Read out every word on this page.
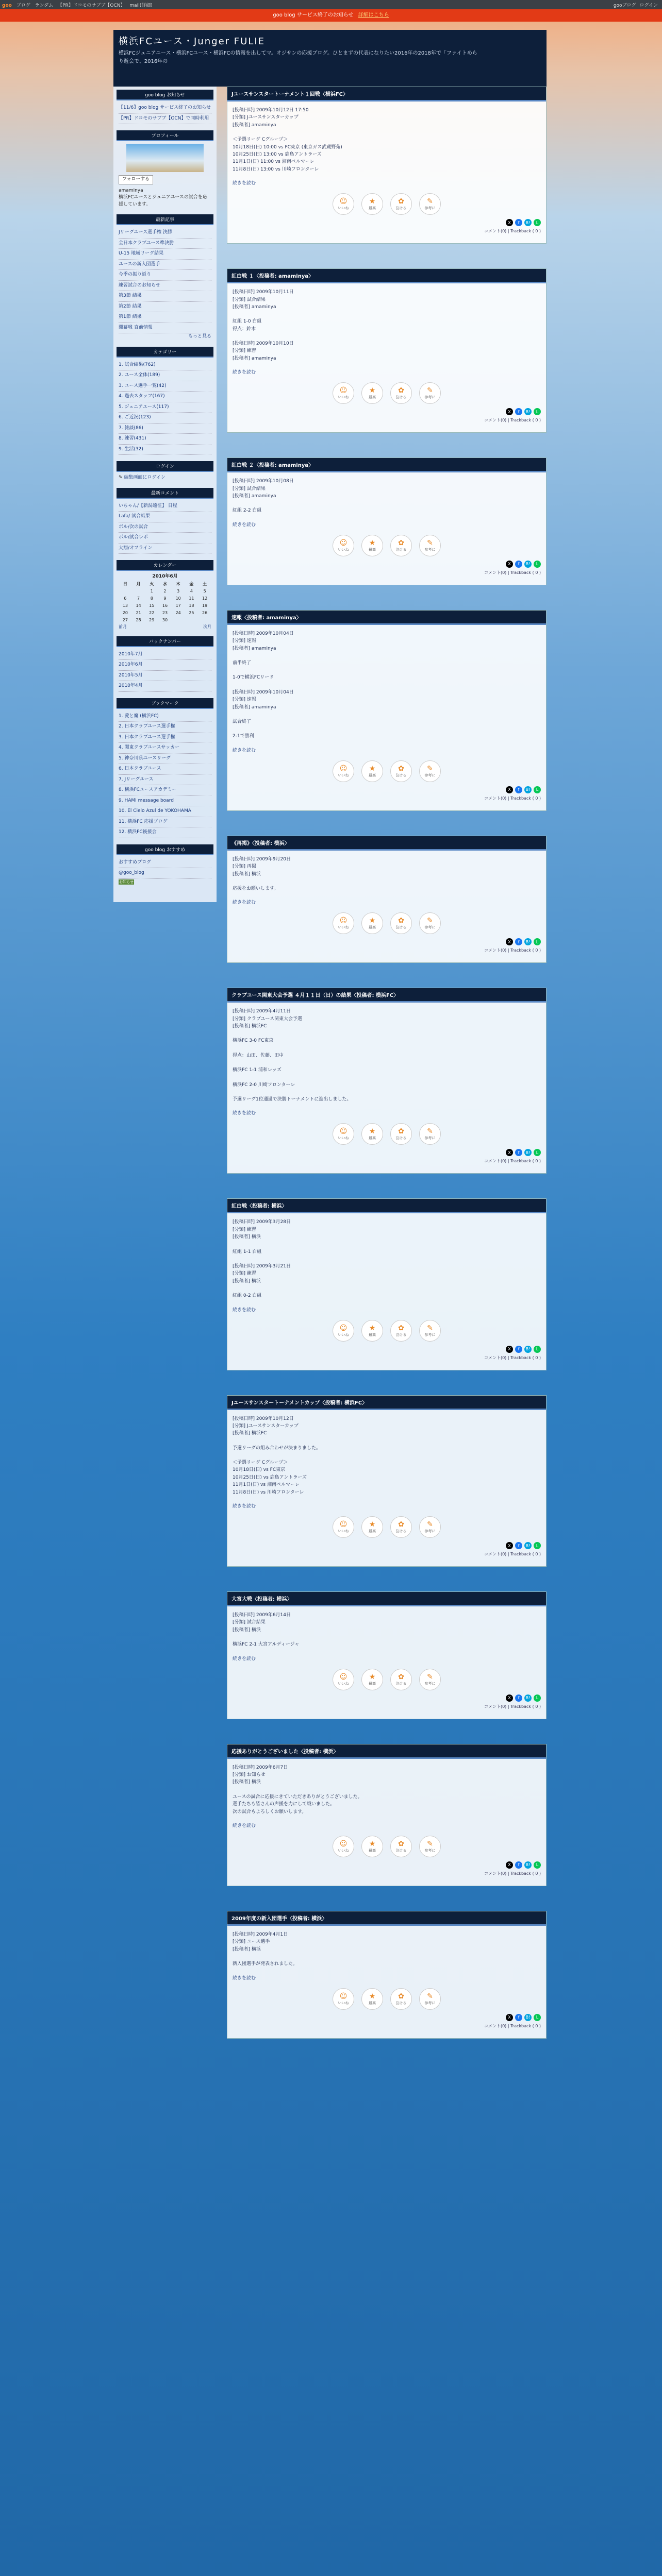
goo ブログ ランダム 【PR】ドコモのサブブ【OCN】 mail(詳細)	gooブログ ログイン
goo blog サービス終了のお知らせ 詳細はこちら
横浜FCユース・Junger FULIE
横浜FCジュニアユース・横浜FCユース・横浜FCの情報を出してマ。オジサンの応援ブログ。ひとまずの代表になりたい2016年の2018年で「ファイトめらり遊会で、2016年の
goo blog お知らせ
【11/6】goo blog サービス終了のお知らせ
【PR】ドコモのサブブ【OCN】で同時利用
プロフィール
フォローする

amaminya
横浜FCユースとジュニアユースの試合を応援しています。

最新記事
Jリーグユース選手権 決勝
全日本クラブユース準決勝
U-15 地域リーグ結果
ユースの新入団選手
今季の振り返り
練習試合のお知らせ
第3節 結果
第2節 結果
第1節 結果
開幕戦 直前情報
もっと見る
カテゴリー
1. 試合結果(762)
2. ユース全体(189)
3. ユース選手一覧(42)
4. 過去スタッフ(167)
5. ジュニアユース(117)
6. ご近況(123)
7. 雑談(86)
8. 練習(431)
9. 生活(32)
ログイン
✎ 編集画面にログイン
最新コメント
いちゃん/【新潟遠征】 日程
Lafa/ 試合結果
ボル/次の試合
ボル/試合レポ
大翔/オフライン
カレンダー
2010年6月
日	月	火	水	木	金	土
		1	2	3	4	5
6	7	8	9	10	11	12
13	14	15	16	17	18	19
20	21	22	23	24	25	26
27	28	29	30			
前月	次月
バックナンバー
2010年7月
2010年6月
2010年5月
2010年4月
ブックマーク
1. 愛と魔 (横浜FC)
2. 日本クラブユース選手権
3. 日本クラブユース選手権
4. 関東クラブユースサッカー
5. 神奈川県ユースリーグ
6. 日本クラブユース
7. Jリーグユース
8. 横浜FCユースアカデミー
9. HAMI message board
10. El Cielo Azul de YOKOHAMA
11. 横浜FC 応援ブログ
12. 横浜FC後援会
goo blog おすすめ
おすすめブログ
@goo_blog
お知らせ
Jユースサンスタートーナメント１回戦〈横浜FC〉

[投稿日時] 2009年10月12日 17:50

[分類] Jユースサンスターカップ

[投稿者] amaminya

＜予選リーグ Cグループ＞

10月18日(日) 10:00 vs FC東京 (東京ガス武蔵野苑)

10月25日(日) 13:00 vs 鹿島アントラーズ

11月1日(日) 11:00 vs 湘南ベルマーレ

11月8日(日) 13:00 vs 川崎フロンターレ

続きを読む
☺
いいね
★
最高
✿
泣ける
✎
参考に
X	f	B!	L
コメント(0) | Trackback ( 0 )
紅白戦 １〈投稿者: amaminya〉

[投稿日時] 2009年10月11日

[分類] 試合結果

[投稿者] amaminya

紅組 1-0 白組

得点：鈴木

[投稿日時] 2009年10月10日

[分類] 練習

[投稿者] amaminya

続きを読む
☺
いいね
★
最高
✿
泣ける
✎
参考に
X	f	B!	L
コメント(0) | Trackback ( 0 )
紅白戦 ２〈投稿者: amaminya〉

[投稿日時] 2009年10月08日

[分類] 試合結果

[投稿者] amaminya

紅組 2-2 白組

続きを読む
☺
いいね
★
最高
✿
泣ける
✎
参考に
X	f	B!	L
コメント(0) | Trackback ( 0 )
速報〈投稿者: amaminya〉

[投稿日時] 2009年10月04日

[分類] 速報

[投稿者] amaminya

前半終了

1-0で横浜FCリード

[投稿日時] 2009年10月04日

[分類] 速報

[投稿者] amaminya

試合終了

2-1で勝利

続きを読む
☺
いいね
★
最高
✿
泣ける
✎
参考に
X	f	B!	L
コメント(0) | Trackback ( 0 )
《再掲》〈投稿者: 横浜〉

[投稿日時] 2009年9月20日

[分類] 再掲

[投稿者] 横浜

応援をお願いします。

続きを読む
☺
いいね
★
最高
✿
泣ける
✎
参考に
X	f	B!	L
コメント(0) | Trackback ( 0 )
クラブユース関東大会予選 ４月１１日（日）の結果〈投稿者: 横浜FC〉

[投稿日時] 2009年4月11日

[分類] クラブユース関東大会予選

[投稿者] 横浜FC

横浜FC 3-0 FC東京

得点：山田、佐藤、田中

横浜FC 1-1 浦和レッズ

横浜FC 2-0 川崎フロンターレ

予選リーグ1位通過で決勝トーナメントに進出しました。

続きを読む
☺
いいね
★
最高
✿
泣ける
✎
参考に
X	f	B!	L
コメント(0) | Trackback ( 0 )
紅白戦〈投稿者: 横浜〉

[投稿日時] 2009年3月28日

[分類] 練習

[投稿者] 横浜

紅組 1-1 白組

[投稿日時] 2009年3月21日

[分類] 練習

[投稿者] 横浜

紅組 0-2 白組

続きを読む
☺
いいね
★
最高
✿
泣ける
✎
参考に
X	f	B!	L
コメント(0) | Trackback ( 0 )
Jユースサンスタートーナメントカップ〈投稿者: 横浜FC〉

[投稿日時] 2009年10月12日

[分類] Jユースサンスターカップ

[投稿者] 横浜FC

予選リーグの組み合わせが決まりました。

＜予選リーグ Cグループ＞

10月18日(日) vs FC東京

10月25日(日) vs 鹿島アントラーズ

11月1日(日) vs 湘南ベルマーレ

11月8日(日) vs 川崎フロンターレ

続きを読む
☺
いいね
★
最高
✿
泣ける
✎
参考に
X	f	B!	L
コメント(0) | Trackback ( 0 )
大宮大戦〈投稿者: 横浜〉

[投稿日時] 2009年6月14日

[分類] 試合結果

[投稿者] 横浜

横浜FC 2-1 大宮アルディージャ

続きを読む
☺
いいね
★
最高
✿
泣ける
✎
参考に
X	f	B!	L
コメント(0) | Trackback ( 0 )
応援ありがとうございました〈投稿者: 横浜〉

[投稿日時] 2009年6月7日

[分類] お知らせ

[投稿者] 横浜

ユースの試合に応援にきていただきありがとうございました。

選手たちも皆さんの声援を力にして戦いました。

次の試合もよろしくお願いします。

続きを読む
☺
いいね
★
最高
✿
泣ける
✎
参考に
X	f	B!	L
コメント(0) | Trackback ( 0 )
2009年度の新入団選手〈投稿者: 横浜〉

[投稿日時] 2009年4月1日

[分類] ユース選手

[投稿者] 横浜

新入団選手が発表されました。

続きを読む
☺
いいね
★
最高
✿
泣ける
✎
参考に
X	f	B!	L
コメント(0) | Trackback ( 0 )
